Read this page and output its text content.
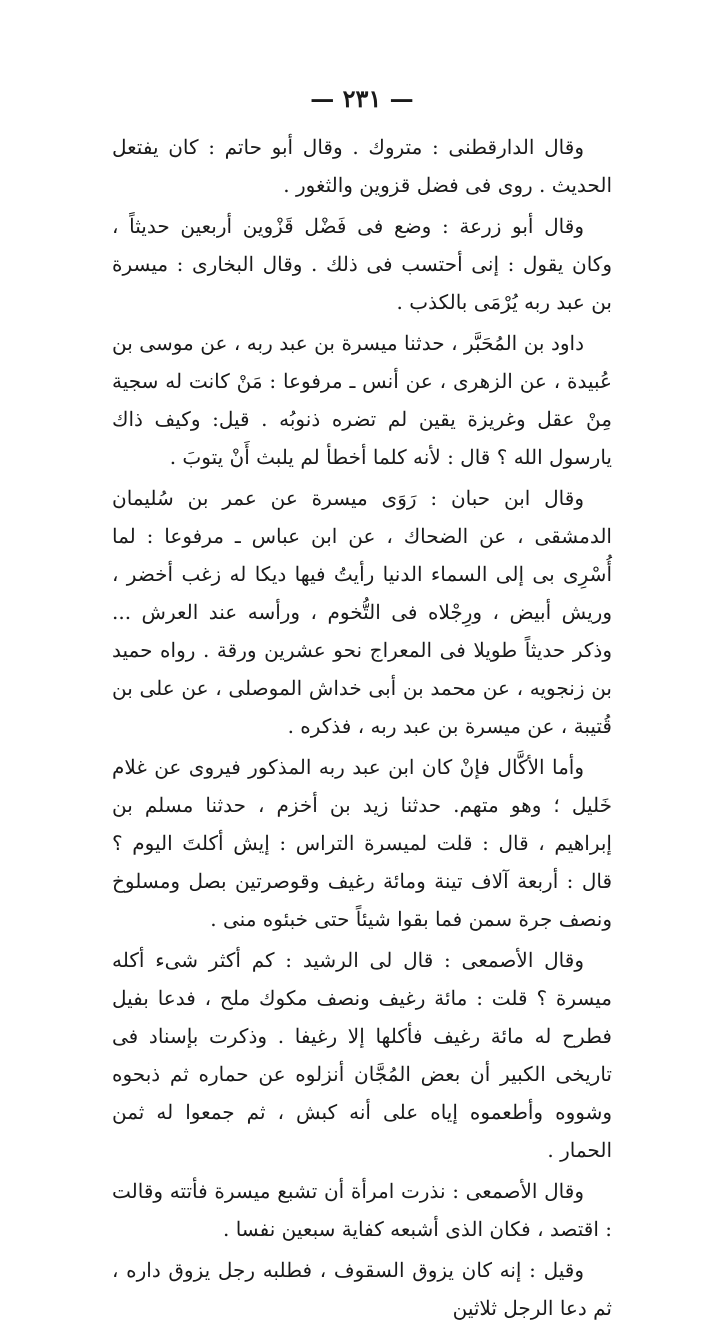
— ٢٣١ —

وقال الدارقطنى : متروك . وقال أبو حاتم : كان يفتعل الحديث . روى فى فضل قزوين والثغور .

وقال أبو زرعة : وضع فى فَضْل قَزْوين أربعين حديثاً ، وكان يقول : إنى أحتسب فى ذلك . وقال البخارى : ميسرة بن عبد ربه يُرْمَى بالكذب .

داود بن المُحَبَّر ، حدثنا ميسرة بن عبد ربه ، عن موسى بن عُبيدة ، عن الزهرى ، عن أنس ـ مرفوعا : مَنْ كانت له سجية مِنْ عقل وغريزة يقين لم تضره ذنوبُه . قيل: وكيف ذاك يارسول الله ؟ قال : لأنه كلما أخطأ لم يلبث أَنْ يتوبَ .

وقال ابن حبان : رَوَى ميسرة عن عمر بن سُليمان الدمشقى ، عن الضحاك ، عن ابن عباس ـ مرفوعا : لما أُسْرِى بى إلى السماء الدنيا رأيتُ فيها ديكا له زغب أخضر ، وريش أبيض ، ورِجْلاه فى التُّخوم ، ورأسه عند العرش ... وذكر حديثاً طويلا فى المعراج نحو عشرين ورقة . رواه حميد بن زنجويه ، عن محمد بن أبى خداش الموصلى ، عن على بن قُتيبة ، عن ميسرة بن عبد ربه ، فذكره .

وأما الأكَّال فإنْ كان ابن عبد ربه المذكور فيروى عن غلام خَليل ؛ وهو متهم. حدثنا زيد بن أخزم ، حدثنا مسلم بن إبراهيم ، قال : قلت لميسرة التراس : إيش أكلتَ اليوم ؟ قال : أربعة آلاف تينة ومائة رغيف وقوصرتين بصل ومسلوخ ونصف جرة سمن فما بقوا شيئاً حتى خبئوه منى .

وقال الأصمعى : قال لى الرشيد : كم أكثر شىء أكله ميسرة ؟ قلت : مائة رغيف ونصف مكوك ملح ، فدعا بفيل فطرح له مائة رغيف فأكلها إلا رغيفا . وذكرت بإسناد فى تاريخى الكبير أن بعض المُجَّان أنزلوه عن حماره ثم ذبحوه وشووه وأطعموه إياه على أنه كبش ، ثم جمعوا له ثمن الحمار .

وقال الأصمعى : نذرت امرأة أن تشبع ميسرة فأتته وقالت : اقتصد ، فكان الذى أشبعه كفاية سبعين نفسا .

وقيل : إنه كان يزوق السقوف ، فطلبه رجل يزوق داره ، ثم دعا الرجل ثلاثين
